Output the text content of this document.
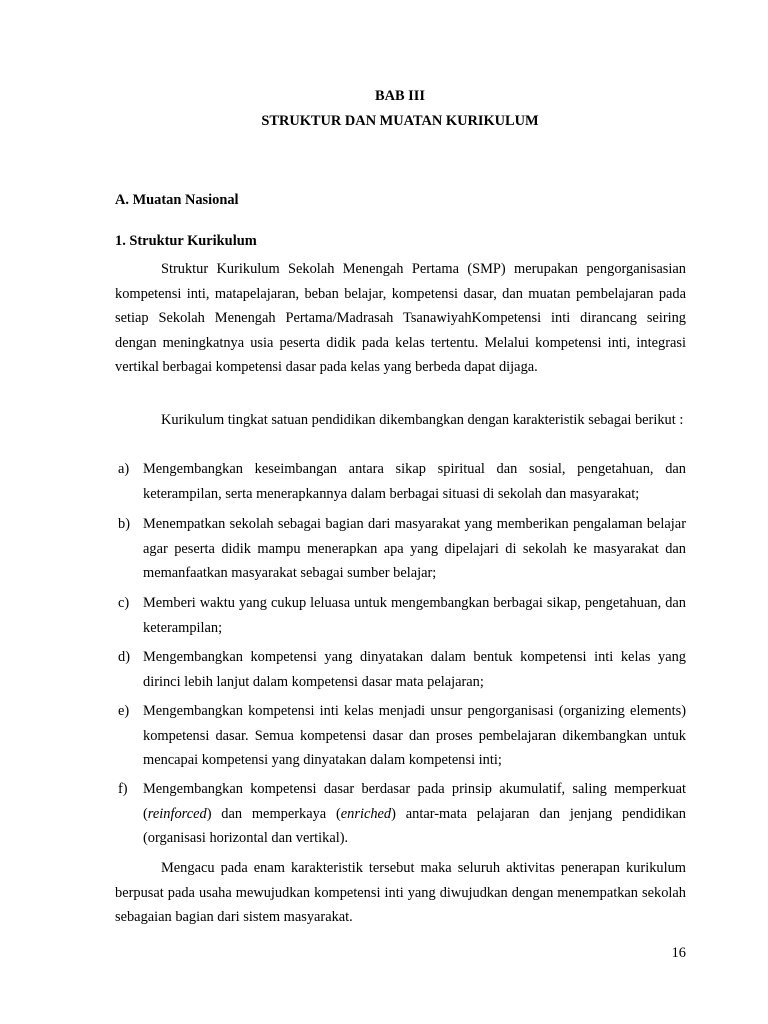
BAB III
STRUKTUR DAN MUATAN KURIKULUM
A. Muatan Nasional
1. Struktur Kurikulum

Struktur Kurikulum Sekolah Menengah Pertama (SMP) merupakan pengorganisasian kompetensi inti, matapelajaran, beban belajar, kompetensi dasar, dan muatan pembelajaran pada setiap Sekolah Menengah Pertama/Madrasah TsanawiyahKompetensi inti dirancang seiring dengan meningkatnya usia peserta didik pada kelas tertentu. Melalui kompetensi inti, integrasi vertikal berbagai kompetensi dasar pada kelas yang berbeda dapat dijaga.

Kurikulum tingkat satuan pendidikan dikembangkan dengan karakteristik sebagai berikut :

a) Mengembangkan keseimbangan antara sikap spiritual dan sosial, pengetahuan, dan keterampilan, serta menerapkannya dalam berbagai situasi di sekolah dan masyarakat;
b) Menempatkan sekolah sebagai bagian dari masyarakat yang memberikan pengalaman belajar agar peserta didik mampu menerapkan apa yang dipelajari di sekolah ke masyarakat dan memanfaatkan masyarakat sebagai sumber belajar;
c) Memberi waktu yang cukup leluasa untuk mengembangkan berbagai sikap, pengetahuan, dan keterampilan;
d) Mengembangkan kompetensi yang dinyatakan dalam bentuk kompetensi inti kelas yang dirinci lebih lanjut dalam kompetensi dasar mata pelajaran;
e) Mengembangkan kompetensi inti kelas menjadi unsur pengorganisasi (organizing elements) kompetensi dasar. Semua kompetensi dasar dan proses pembelajaran dikembangkan untuk mencapai kompetensi yang dinyatakan dalam kompetensi inti;
f) Mengembangkan kompetensi dasar berdasar pada prinsip akumulatif, saling memperkuat (reinforced) dan memperkaya (enriched) antar-mata pelajaran dan jenjang pendidikan (organisasi horizontal dan vertikal).

Mengacu pada enam karakteristik tersebut maka seluruh aktivitas penerapan kurikulum berpusat pada usaha mewujudkan kompetensi inti yang diwujudkan dengan menempatkan sekolah sebagaian bagian dari sistem masyarakat.

16
